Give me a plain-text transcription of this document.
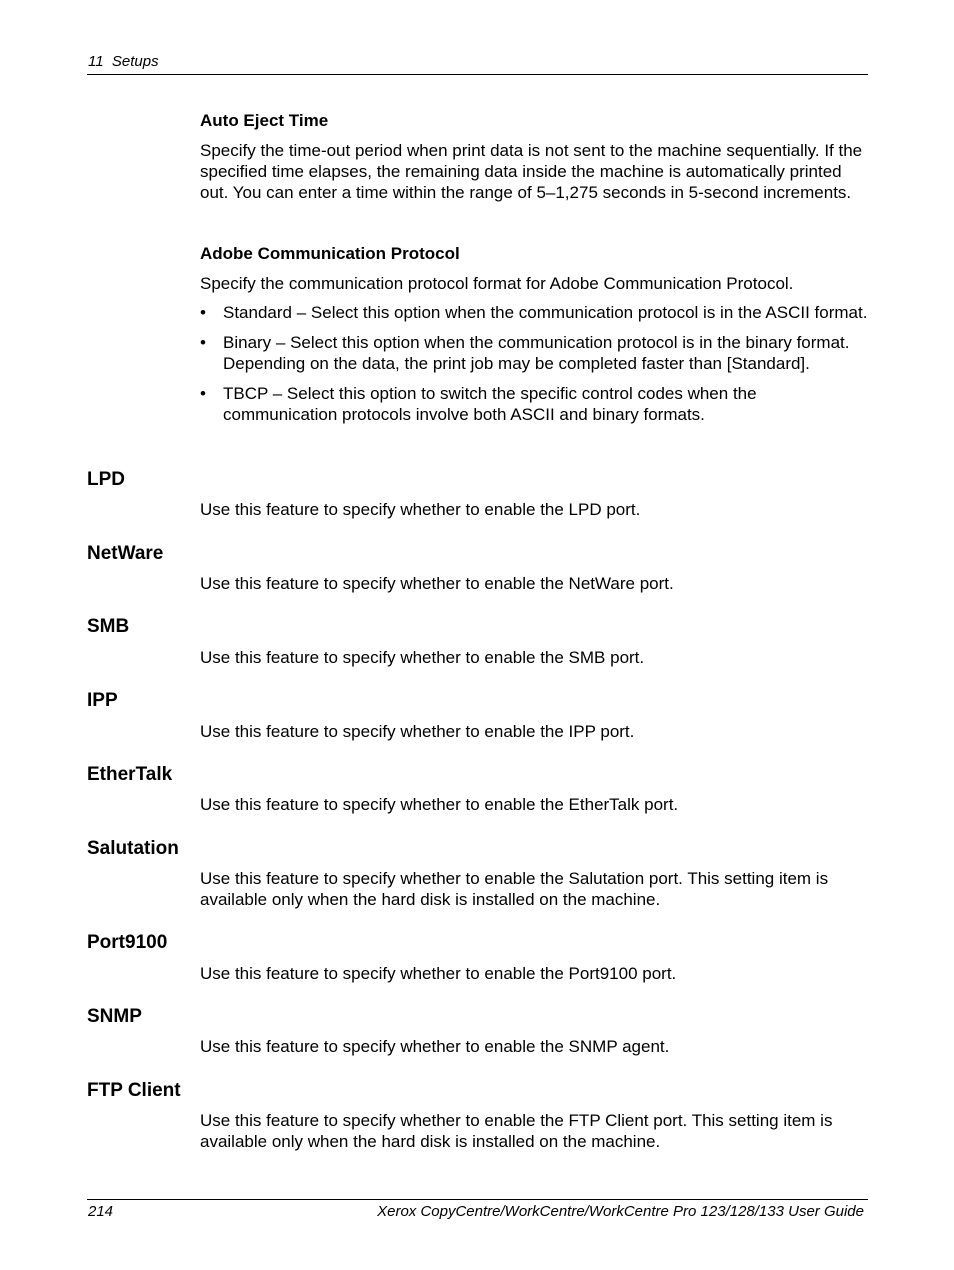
11  Setups
Auto Eject Time
Specify the time-out period when print data is not sent to the machine sequentially. If the specified time elapses, the remaining data inside the machine is automatically printed out. You can enter a time within the range of 5–1,275 seconds in 5-second increments.
Adobe Communication Protocol
Specify the communication protocol format for Adobe Communication Protocol.
• Standard – Select this option when the communication protocol is in the ASCII format.
• Binary – Select this option when the communication protocol is in the binary format. Depending on the data, the print job may be completed faster than [Standard].
• TBCP – Select this option to switch the specific control codes when the communication protocols involve both ASCII and binary formats.
LPD
Use this feature to specify whether to enable the LPD port.
NetWare
Use this feature to specify whether to enable the NetWare port.
SMB
Use this feature to specify whether to enable the SMB port.
IPP
Use this feature to specify whether to enable the IPP port.
EtherTalk
Use this feature to specify whether to enable the EtherTalk port.
Salutation
Use this feature to specify whether to enable the Salutation port. This setting item is available only when the hard disk is installed on the machine.
Port9100
Use this feature to specify whether to enable the Port9100 port.
SNMP
Use this feature to specify whether to enable the SNMP agent.
FTP Client
Use this feature to specify whether to enable the FTP Client port. This setting item is available only when the hard disk is installed on the machine.
214	Xerox CopyCentre/WorkCentre/WorkCentre Pro 123/128/133 User Guide
